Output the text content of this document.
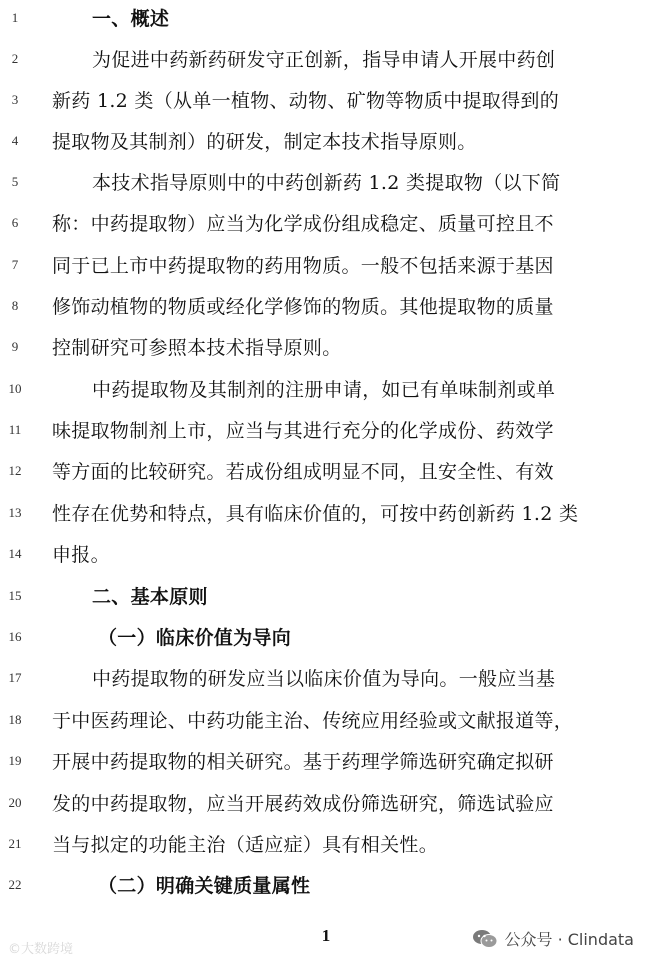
1	一、概述
2	为促进中药新药研发守正创新，指导申请人开展中药创
3	新药 1.2 类（从单一植物、动物、矿物等物质中提取得到的
4	提取物及其制剂）的研发，制定本技术指导原则。
5	本技术指导原则中的中药创新药 1.2 类提取物（以下简
6	称：中药提取物）应当为化学成份组成稳定、质量可控且不
7	同于已上市中药提取物的药用物质。一般不包括来源于基因
8	修饰动植物的物质或经化学修饰的物质。其他提取物的质量
9	控制研究可参照本技术指导原则。
10	中药提取物及其制剂的注册申请，如已有单味制剂或单
11	味提取物制剂上市，应当与其进行充分的化学成份、药效学
12	等方面的比较研究。若成份组成明显不同，且安全性、有效
13	性存在优势和特点，具有临床价值的，可按中药创新药 1.2 类
14	申报。
15	二、基本原则
16	（一）临床价值为导向
17	中药提取物的研发应当以临床价值为导向。一般应当基
18	于中医药理论、中药功能主治、传统应用经验或文献报道等，
19	开展中药提取物的相关研究。基于药理学筛选研究确定拟研
20	发的中药提取物，应当开展药效成份筛选研究，筛选试验应
21	当与拟定的功能主治（适应症）具有相关性。
22	（二）明确关键质量属性
1
©大数跨境
公众号 · Clindata
